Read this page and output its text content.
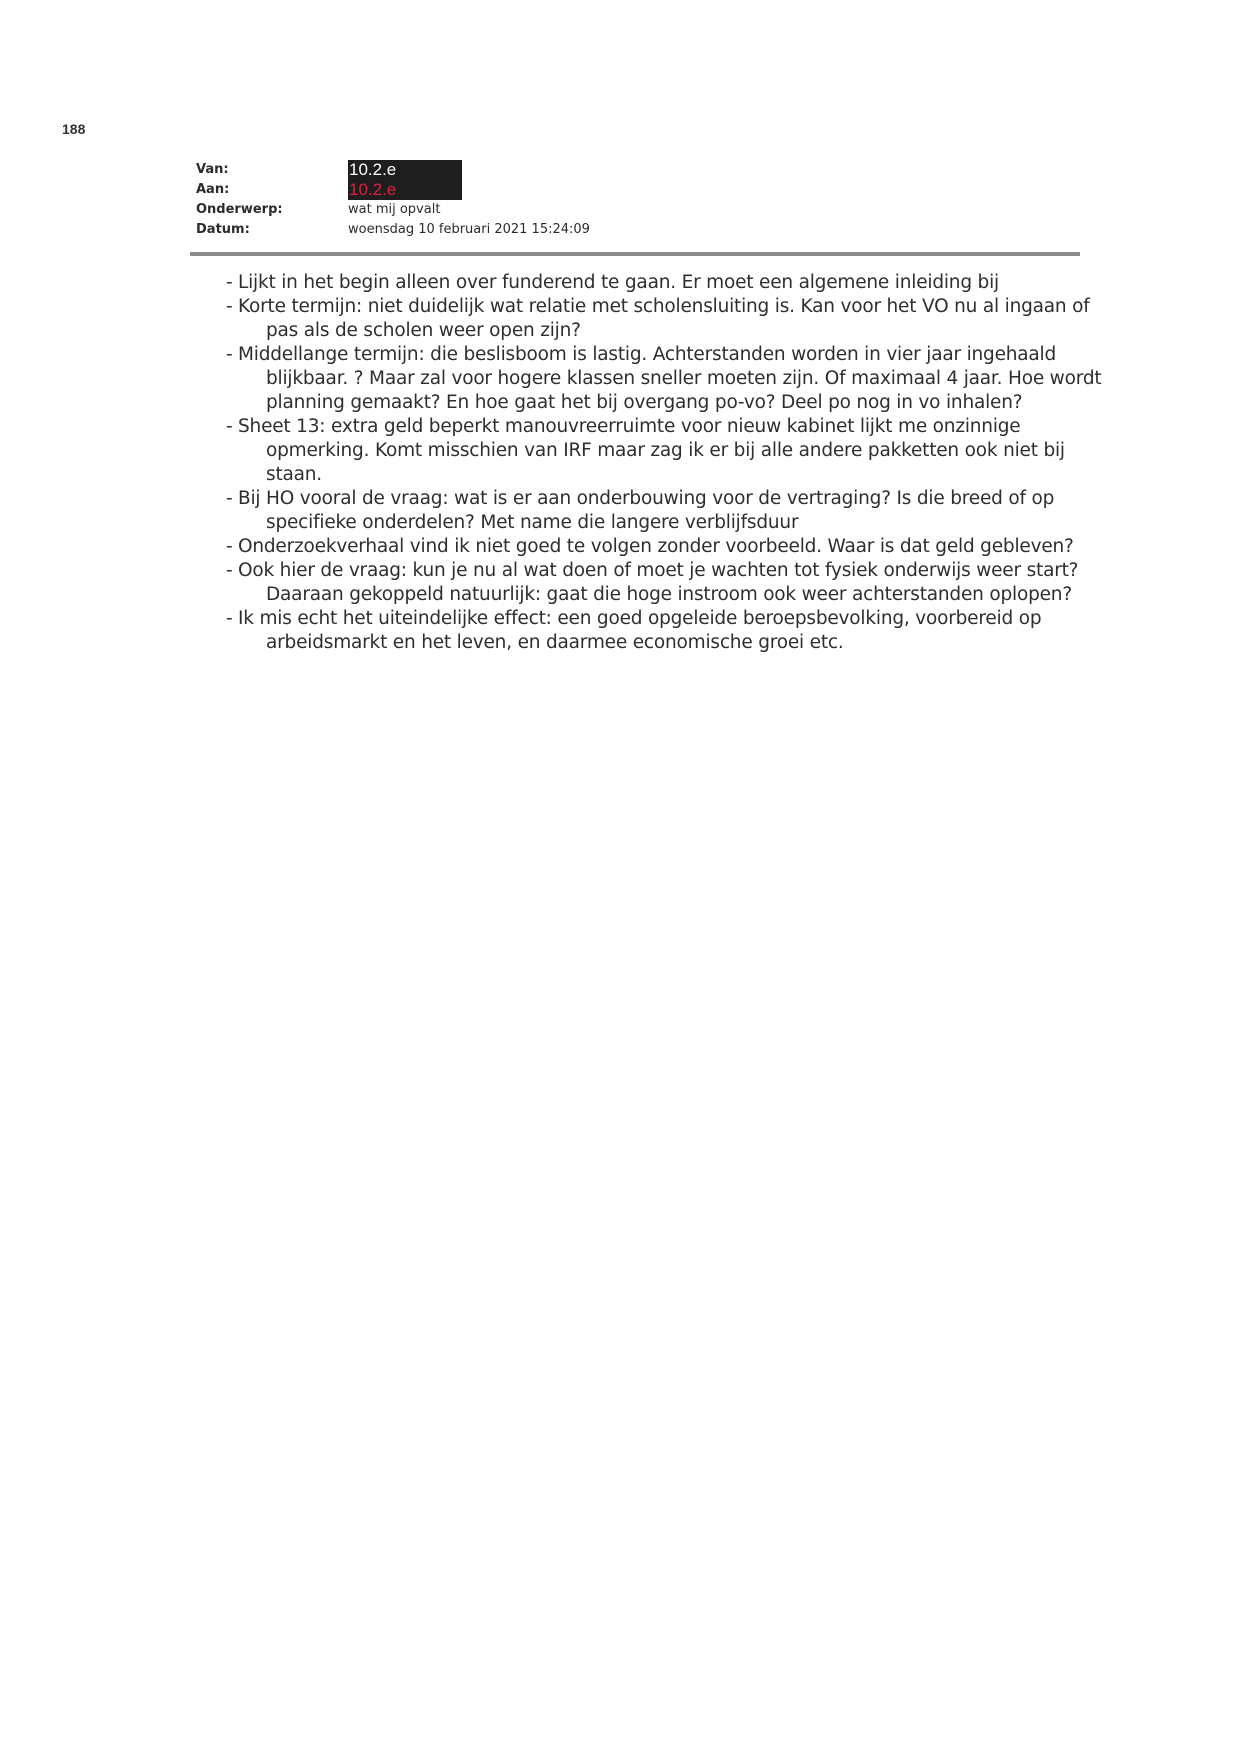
188
Van:	10.2.e
Aan:	10.2.e
Onderwerp:	wat mij opvalt
Datum:	woensdag 10 februari 2021 15:24:09

- Lijkt in het begin alleen over funderend te gaan. Er moet een algemene inleiding bij

- Korte termijn: niet duidelijk wat relatie met scholensluiting is. Kan voor het VO nu al ingaan of pas als de scholen weer open zijn?

- Middellange termijn: die beslisboom is lastig. Achterstanden worden in vier jaar ingehaald blijkbaar. ? Maar zal voor hogere klassen sneller moeten zijn. Of maximaal 4 jaar. Hoe wordt planning gemaakt? En hoe gaat het bij overgang po-vo? Deel po nog in vo inhalen?

- Sheet 13: extra geld beperkt manouvreerruimte voor nieuw kabinet lijkt me onzinnige opmerking. Komt misschien van IRF maar zag ik er bij alle andere pakketten ook niet bij staan.

- Bij HO vooral de vraag: wat is er aan onderbouwing voor de vertraging? Is die breed of op specifieke onderdelen? Met name die langere verblijfsduur

- Onderzoekverhaal vind ik niet goed te volgen zonder voorbeeld. Waar is dat geld gebleven?

- Ook hier de vraag: kun je nu al wat doen of moet je wachten tot fysiek onderwijs weer start? Daaraan gekoppeld natuurlijk: gaat die hoge instroom ook weer achterstanden oplopen?

- Ik mis echt het uiteindelijke effect: een goed opgeleide beroepsbevolking, voorbereid op arbeidsmarkt en het leven, en daarmee economische groei etc.
